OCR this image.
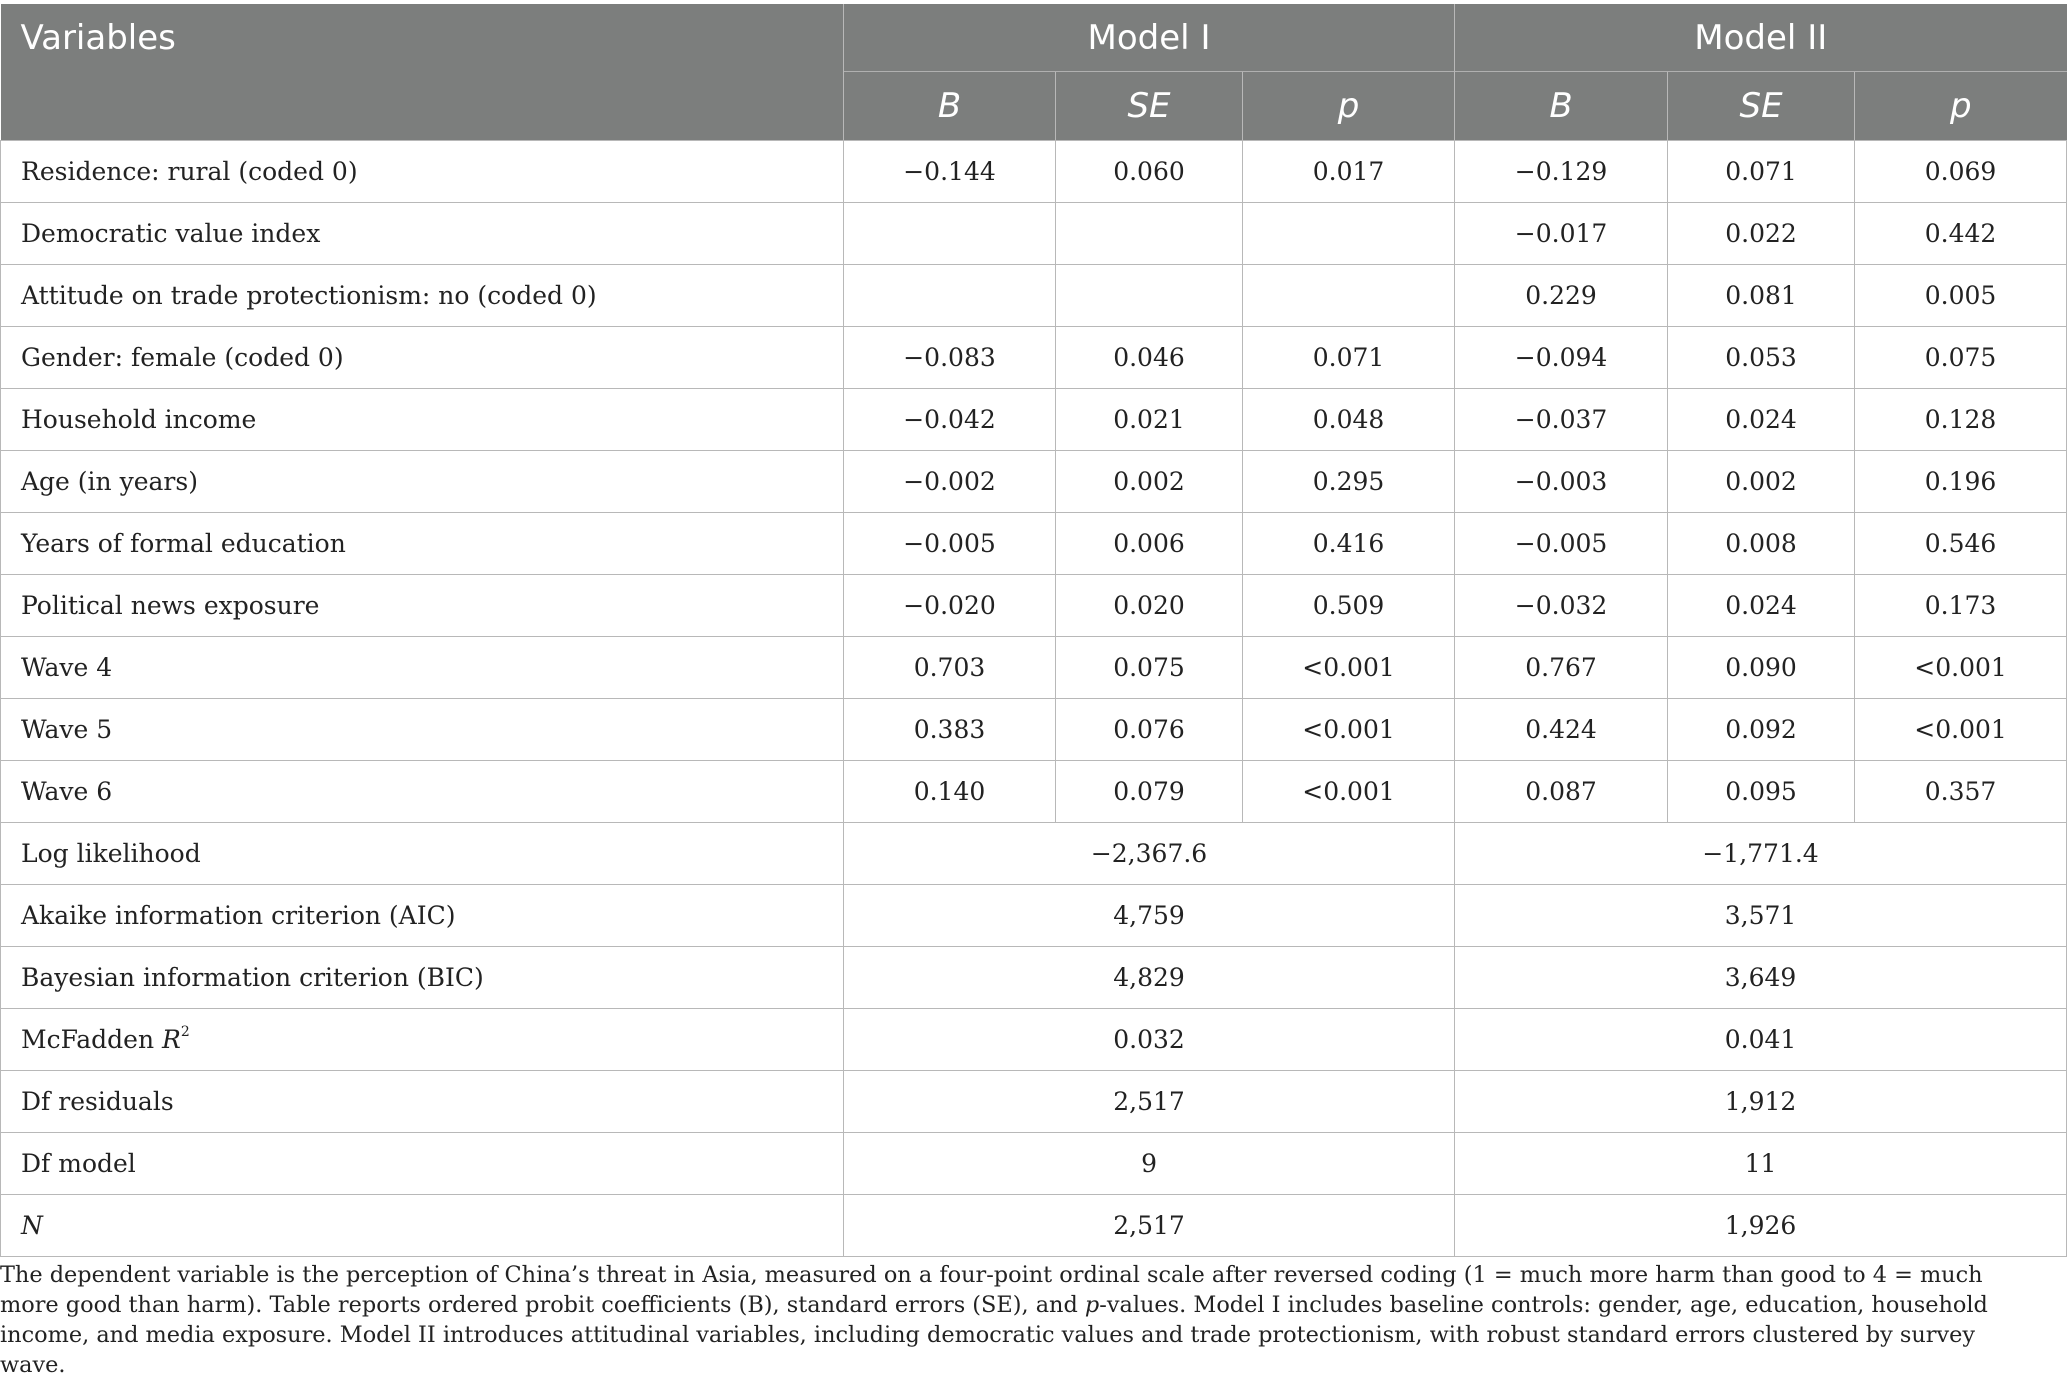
Variables	Model I			Model II		
	B	SE	p	B	SE	p
Residence: rural (coded 0)	−0.144	0.060	0.017	−0.129	0.071	0.069
Democratic value index				−0.017	0.022	0.442
Attitude on trade protectionism: no (coded 0)				0.229	0.081	0.005
Gender: female (coded 0)	−0.083	0.046	0.071	−0.094	0.053	0.075
Household income	−0.042	0.021	0.048	−0.037	0.024	0.128
Age (in years)	−0.002	0.002	0.295	−0.003	0.002	0.196
Years of formal education	−0.005	0.006	0.416	−0.005	0.008	0.546
Political news exposure	−0.020	0.020	0.509	−0.032	0.024	0.173
Wave 4	0.703	0.075	<0.001	0.767	0.090	<0.001
Wave 5	0.383	0.076	<0.001	0.424	0.092	<0.001
Wave 6	0.140	0.079	<0.001	0.087	0.095	0.357
Log likelihood	−2,367.6			−1,771.4		
Akaike information criterion (AIC)	4,759			3,571		
Bayesian information criterion (BIC)	4,829			3,649		
McFadden $R^2$	0.032			0.041		
Df residuals	2,517			1,912		
Df model	9			11		
N	2,517			1,926		

The dependent variable is the perception of China’s threat in Asia, measured on a four-point ordinal scale after reversed coding (1 = much more harm than good to 4 = much more good than harm). Table reports ordered probit coefficients (B), standard errors (SE), and p-values. Model I includes baseline controls: gender, age, education, household income, and media exposure. Model II introduces attitudinal variables, including democratic values and trade protectionism, with robust standard errors clustered by survey wave.
